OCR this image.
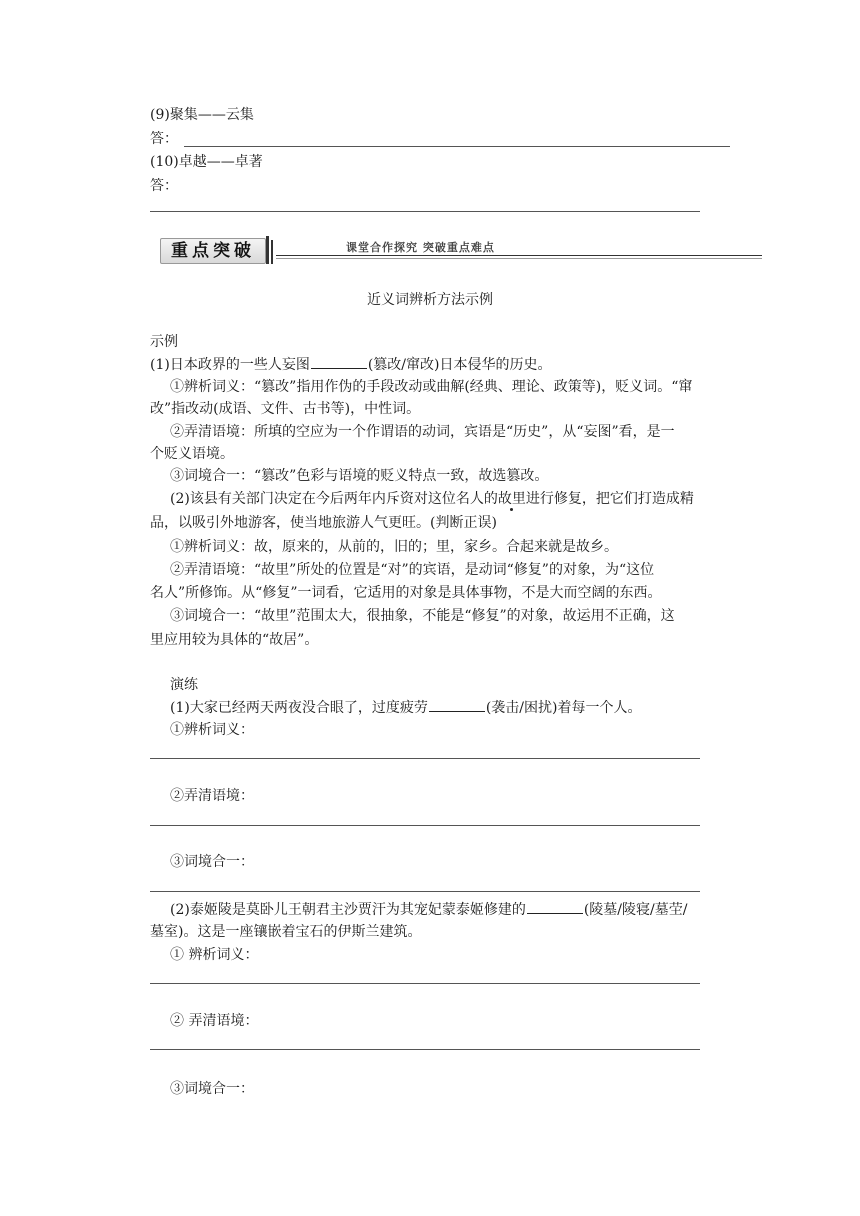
(9)聚集——云集
答：
(10)卓越——卓著
答：
重点突破	课堂合作探究 突破重点难点
近义词辨析方法示例
示例
(1)日本政界的一些人妄图	(篡改/窜改)日本侵华的历史。
①辨析词义：“篡改”指用作伪的手段改动或曲解(经典、理论、政策等)，贬义词。“窜
改”指改动(成语、文件、古书等)，中性词。
②弄清语境：所填的空应为一个作谓语的动词，宾语是“历史”，从“妄图”看，是一
个贬义语境。
③词境合一：“篡改”色彩与语境的贬义特点一致，故选篡改。
(2)该县有关部门决定在今后两年内斥资对这位名人的故里进行修复，把它们打造成精
品，以吸引外地游客，使当地旅游人气更旺。(判断正误)
①辨析词义：故，原来的，从前的，旧的；里，家乡。合起来就是故乡。
②弄清语境：“故里”所处的位置是“对”的宾语，是动词“修复”的对象，为“这位
名人”所修饰。从“修复”一词看，它适用的对象是具体事物，不是大而空阔的东西。
③词境合一：“故里”范围太大，很抽象，不能是“修复”的对象，故运用不正确，这
里应用较为具体的“故居”。
演练
(1)大家已经两天两夜没合眼了，过度疲劳	(袭击/困扰)着每一个人。
①辨析词义：
②弄清语境：
③词境合一：
(2)泰姬陵是莫卧儿王朝君主沙贾汗为其宠妃蒙泰姬修建的	(陵墓/陵寝/墓茔/
墓室)。这是一座镶嵌着宝石的伊斯兰建筑。
① 辨析词义：
② 弄清语境：
③词境合一：
